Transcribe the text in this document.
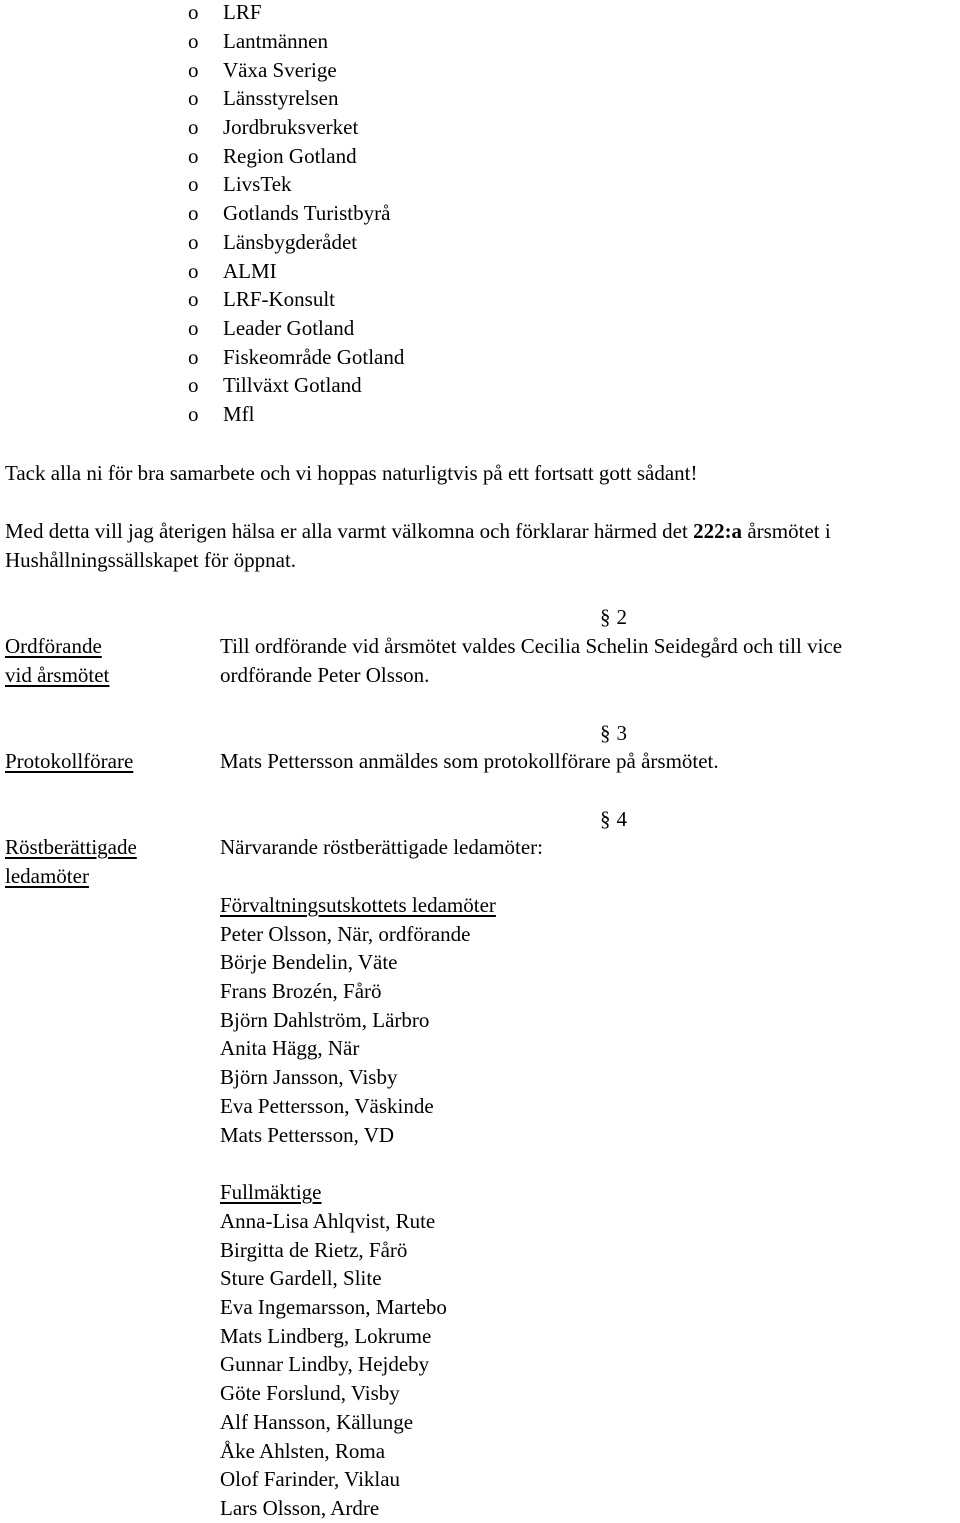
o LRF
o Lantmännen
o Växa Sverige
o Länsstyrelsen
o Jordbruksverket
o Region Gotland
o LivsTek
o Gotlands Turistbyrå
o Länsbygderådet
o ALMI
o LRF-Konsult
o Leader Gotland
o Fiskeområde Gotland
o Tillväxt Gotland
o Mfl
Tack alla ni för bra samarbete och vi hoppas naturligtvis på ett fortsatt gott sådant!
Med detta vill jag återigen hälsa er alla varmt välkomna och förklarar härmed det 222:a årsmötet i
Hushållningssällskapet för öppnat.
§ 2
Ordförande
vid årsmötet
Till ordförande vid årsmötet valdes Cecilia Schelin Seidegård och till vice
ordförande Peter Olsson.
§ 3
Protokollförare	Mats Pettersson anmäldes som protokollförare på årsmötet.
§ 4
Röstberättigade
ledamöter
Närvarande röstberättigade ledamöter:
Förvaltningsutskottets ledamöter
Peter Olsson, När, ordförande
Börje Bendelin, Väte
Frans Brozén, Fårö
Björn Dahlström, Lärbro
Anita Hägg, När
Björn Jansson, Visby
Eva Pettersson, Väskinde
Mats Pettersson, VD
Fullmäktige
Anna-Lisa Ahlqvist, Rute
Birgitta de Rietz, Fårö
Sture Gardell, Slite
Eva Ingemarsson, Martebo
Mats Lindberg, Lokrume
Gunnar Lindby, Hejdeby
Göte Forslund, Visby
Alf Hansson, Källunge
Åke Ahlsten, Roma
Olof Farinder, Viklau
Lars Olsson, Ardre
